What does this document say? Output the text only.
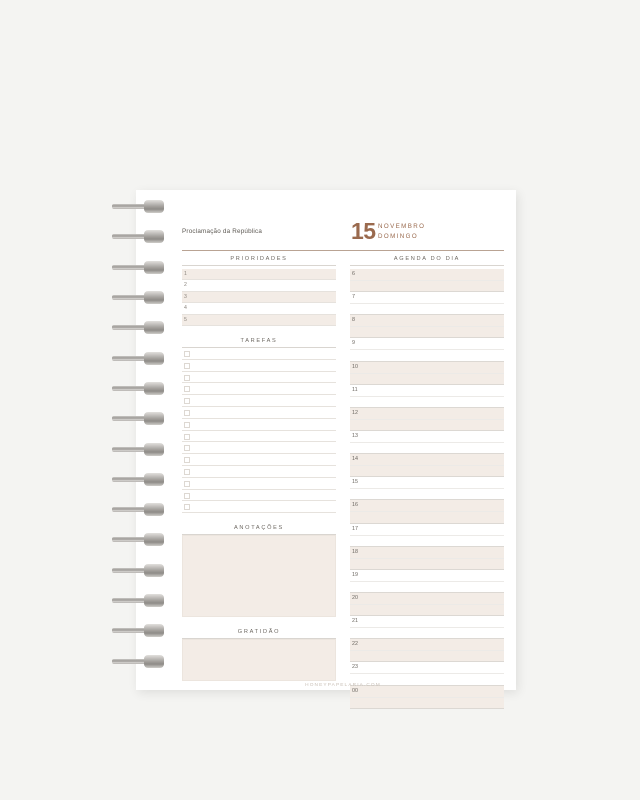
Proclamação da República	15 NOVEMBRO
DOMINGO
PRIORIDADES
1
2
3
4
5
TAREFAS
ANOTAÇÕES
GRATIDÃO
AGENDA DO DIA
6
7
8
9
10
11
12
13
14
15
16
17
18
19
20
21
22
23
00
HONEYPAPELARIA.COM
